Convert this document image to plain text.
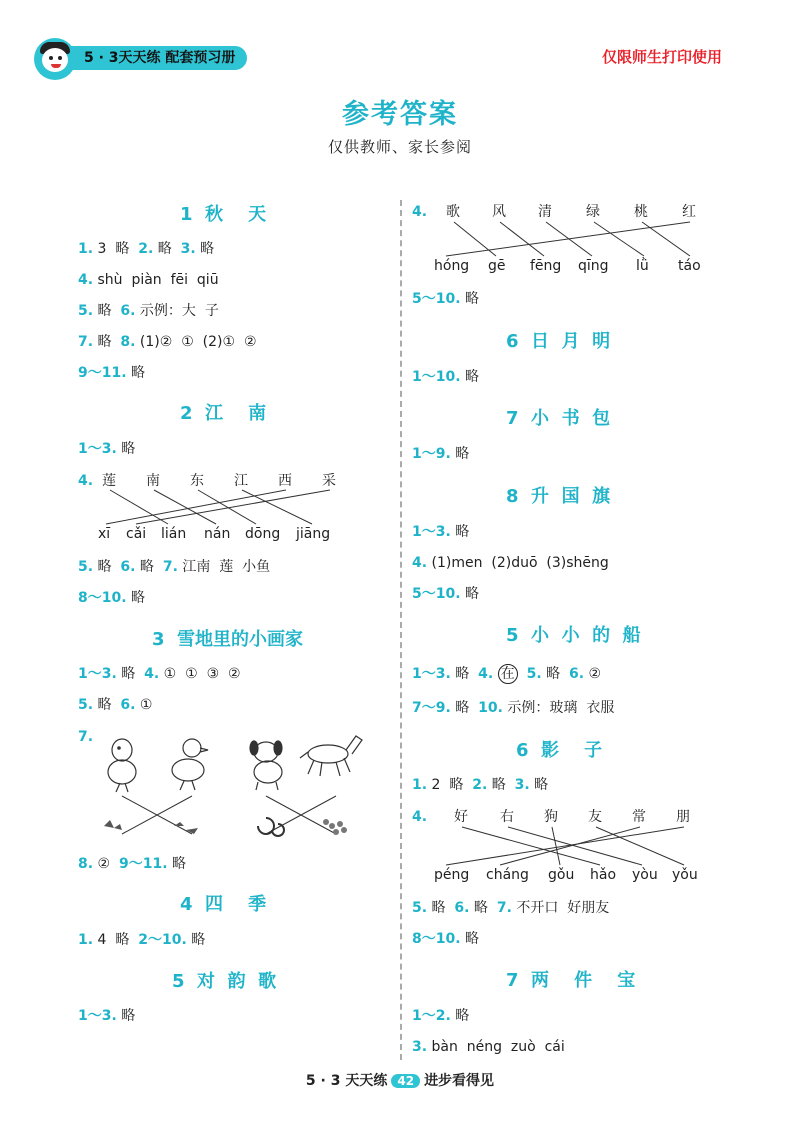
5 · 3天天练 配套预习册	仅限师生打印使用
参考答案
仅供教师、家长参阅
1  秋    天
1. 3  略  2. 略  3. 略
4. shù  piàn  fēi  qiū
5. 略  6. 示例：大  子
7. 略  8. (1)②  ①  (2)①  ②
9～11. 略
2  江    南
1～3. 略
4. 莲 南 东 江 西 采
xī cǎi lián nán dōng jiāng
5. 略  6. 略  7. 江南  莲  小鱼
8～10. 略
3  雪地里的小画家
1～3. 略  4. ①  ①  ③  ②
5. 略  6. ①
7.
8. ②  9～11. 略
4  四    季
1. 4  略  2～10. 略
5  对  韵  歌
1～3. 略
4. 歌 风 清 绿 桃 红
hóng gē fēng qīng lǜ táo
5～10. 略
6  日  月  明
1～10. 略
7  小  书  包
1～9. 略
8  升  国  旗
1～3. 略
4. (1)men  (2)duō  (3)shēng
5～10. 略
5  小  小  的  船
1～3. 略  4. 在 5. 略  6. ②
7～9. 略  10. 示例：玻璃  衣服
6  影    子
1. 2  略  2. 略  3. 略
4. 好 右 狗 友 常 朋
péng cháng gǒu hǎo yòu yǒu
5. 略  6. 略  7. 不开口  好朋友
8～10. 略
7  两    件    宝
1～2. 略
3. bàn  néng  zuò  cái
5 · 3 天天练 42 进步看得见
